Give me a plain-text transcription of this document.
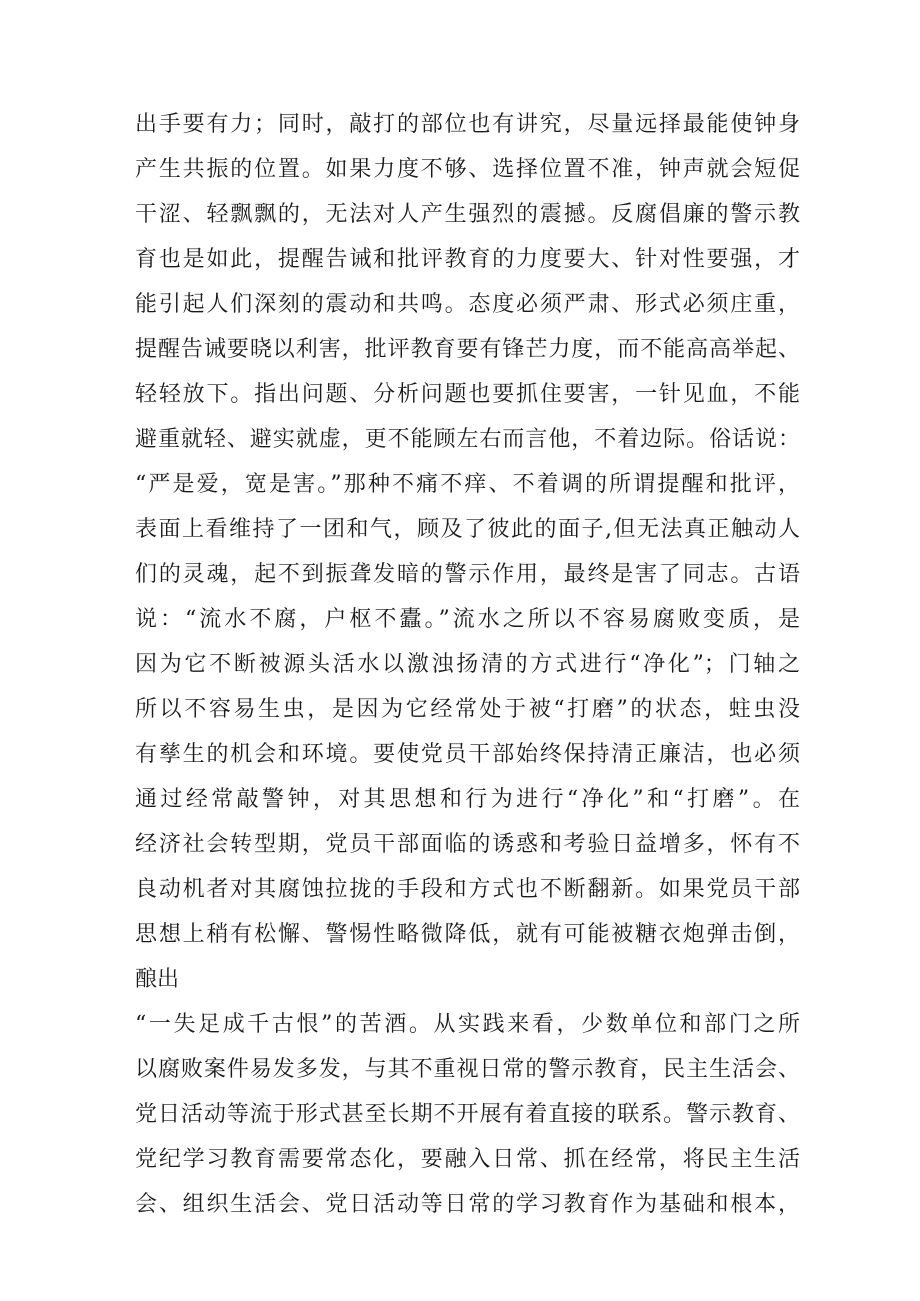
出手要有力；同时，敲打的部位也有讲究，尽量远择最能使钟身
产生共振的位置。如果力度不够、选择位置不准，钟声就会短促
干涩、轻飘飘的，无法对人产生强烈的震撼。反腐倡廉的警示教
育也是如此，提醒告诫和批评教育的力度要大、针对性要强，才
能引起人们深刻的震动和共鸣。态度必须严肃、形式必须庄重，
提醒告诫要晓以利害，批评教育要有锋芒力度，而不能高高举起、
轻轻放下。指出问题、分析问题也要抓住要害，一针见血，不能
避重就轻、避实就虚，更不能顾左右而言他，不着边际。俗话说：
“严是爱，宽是害。”那种不痛不痒、不着调的所谓提醒和批评，
表面上看维持了一团和气，顾及了彼此的面子,但无法真正触动人
们的灵魂，起不到振聋发暗的警示作用，最终是害了同志。古语
说：“流水不腐，户枢不蠹。”流水之所以不容易腐败变质，是
因为它不断被源头活水以激浊扬清的方式进行“净化”；门轴之
所以不容易生虫，是因为它经常处于被“打磨”的状态，蛀虫没
有孳生的机会和环境。要使党员干部始终保持清正廉洁，也必须
通过经常敲警钟，对其思想和行为进行“净化”和“打磨”。在
经济社会转型期，党员干部面临的诱惑和考验日益增多，怀有不
良动机者对其腐蚀拉拢的手段和方式也不断翻新。如果党员干部
思想上稍有松懈、警惕性略微降低，就有可能被糖衣炮弹击倒，
酿出
“一失足成千古恨”的苦酒。从实践来看，少数单位和部门之所
以腐败案件易发多发，与其不重视日常的警示教育，民主生活会、
党日活动等流于形式甚至长期不开展有着直接的联系。警示教育、
党纪学习教育需要常态化，要融入日常、抓在经常，将民主生活
会、组织生活会、党日活动等日常的学习教育作为基础和根本，
